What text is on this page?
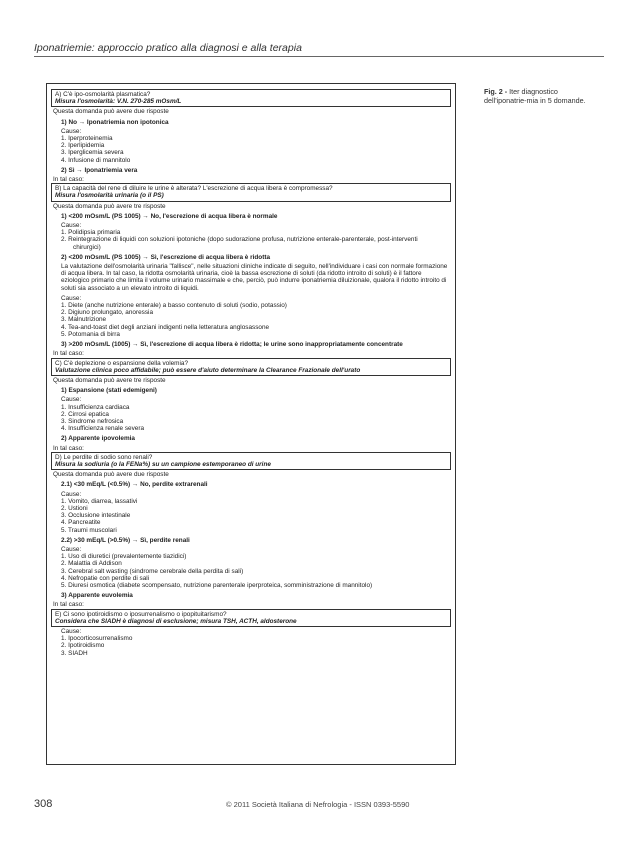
Iponatriemie: approccio pratico alla diagnosi e alla terapia
A) C'è ipo-osmolarità plasmatica?
Misura l'osmolarità: V.N. 270-285 mOsm/L
Questa domanda può avere due risposte
1) No → Iponatriemia non ipotonica
Cause:
1. Iperproteinemia
2. Iperlipidemia
3. Iperglicemia severa
4. Infusione di mannitolo
2) Sì → Iponatriemia vera
In tal caso:
B) La capacità del rene di diluire le urine è alterata? L'escrezione di acqua libera è compromessa?
Misura l'osmolarità urinaria (o il PS)
Questa domanda può avere tre risposte
1) <200 mOsm/L (PS 1005) → No, l'escrezione di acqua libera è normale
Cause:
1. Polidipsia primaria
2. Reintegrazione di liquidi con soluzioni ipotoniche (dopo sudorazione profusa, nutrizione enterale-parenterale, post-interventi
chirurgici)
2) <200 mOsm/L (PS 1005) → Sì, l'escrezione di acqua libera è ridotta
La valutazione dell'osmolarità urinaria "fallisce", nelle situazioni cliniche indicate di seguito, nell'individuare i casi con normale formazione di acqua libera. In tal caso, la ridotta osmolarità urinaria, cioè la bassa escrezione di soluti (da ridotto introito di soluti) è il fattore eziologico primario che limita il volume urinario massimale e che, perciò, può indurre iponatriemia diluizionale, qualora il ridotto introito di soluti sia associato a un elevato introito di liquidi.
Cause:
1. Diete (anche nutrizione enterale) a basso contenuto di soluti (sodio, potassio)
2. Digiuno prolungato, anoressia
3. Malnutrizione
4. Tea-and-toast diet degli anziani indigenti nella letteratura anglosassone
5. Potomania di birra
3) >200 mOsm/L (1005) → Sì, l'escrezione di acqua libera è ridotta; le urine sono inappropriatamente concentrate
In tal caso:
C) C'è deplezione o espansione della volemia?
Valutazione clinica poco affidabile; può essere d'aiuto determinare la Clearance Frazionale dell'urato
Questa domanda può avere tre risposte
1) Espansione (stati edemigeni)
Cause:
1. Insufficienza cardiaca
2. Cirrosi epatica
3. Sindrome nefrosica
4. Insufficienza renale severa
2) Apparente ipovolemia
In tal caso:
D) Le perdite di sodio sono renali?
Misura la sodiuria (o la FENa%) su un campione estemporaneo di urine
Questa domanda può avere due risposte
2.1) <30 mEq/L (<0.5%) → No, perdite extrarenali
Cause:
1. Vomito, diarrea, lassativi
2. Ustioni
3. Occlusione intestinale
4. Pancreatite
5. Traumi muscolari
2.2) >30 mEq/L (>0.5%) → Sì, perdite renali
Cause:
1. Uso di diuretici (prevalentemente tiazidici)
2. Malattia di Addison
3. Cerebral salt wasting (sindrome cerebrale della perdita di sali)
4. Nefropatie con perdite di sali
5. Diuresi osmotica (diabete scompensato, nutrizione parenterale iperproteica, somministrazione di mannitolo)
3) Apparente euvolemia
In tal caso:
E) Ci sono ipotiroidismo o iposurrenalismo o ipopituitarismo?
Considera che SIADH è diagnosi di esclusione; misura TSH, ACTH, aldosterone
Cause:
1. Ipocorticosurrenalismo
2. Ipotiroidismo
3. SIADH
Fig. 2 - Iter diagnostico dell'iponatrie-mia in 5 domande.
308	© 2011 Società Italiana di Nefrologia - ISSN 0393-5590
